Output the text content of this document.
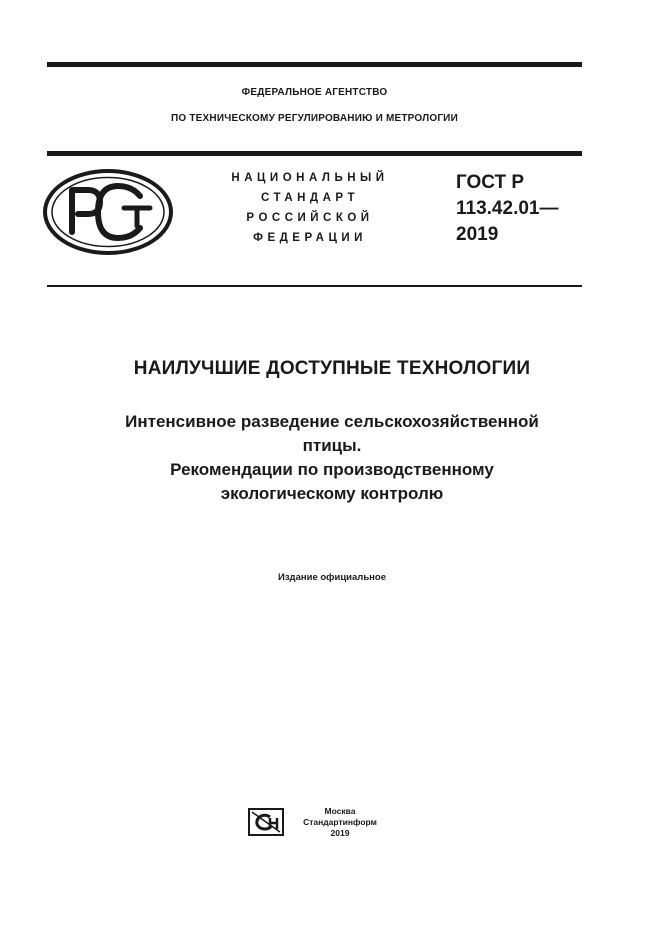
ФЕДЕРАЛЬНОЕ АГЕНТСТВО
ПО ТЕХНИЧЕСКОМУ РЕГУЛИРОВАНИЮ И МЕТРОЛОГИИ
НАЦИОНАЛЬНЫЙ
СТАНДАРТ
РОССИЙСКОЙ
ФЕДЕРАЦИИ
ГОСТ Р
113.42.01—
2019
НАИЛУЧШИЕ ДОСТУПНЫЕ ТЕХНОЛОГИИ
Интенсивное разведение сельскохозяйственной
птицы.
Рекомендации по производственному
экологическому контролю
Издание официальное
Москва
Стандартинформ
2019
